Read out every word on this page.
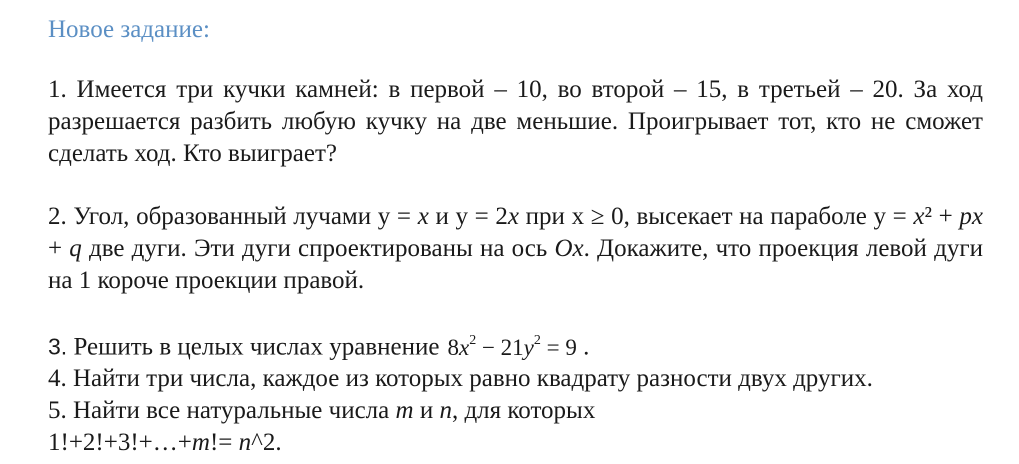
Новое задание:
1. Имеется три кучки камней: в первой – 10, во второй – 15, в третьей – 20. За ход разрешается разбить любую кучку на две меньшие. Проигрывает тот, кто не сможет сделать ход. Кто выиграет?
2. Угол, образованный лучами y = x и y = 2x при x ≥ 0, высекает на параболе y = x² + px + q две дуги. Эти дуги спроектированы на ось Ox. Докажите, что проекция левой дуги на 1 короче проекции правой.
3. Решить в целых числах уравнение $8x^2 - 21y^2 = 9$ .
4. Найти три числа, каждое из которых равно квадрату разности двух других.
5. Найти все натуральные числа m и n, для которых
1!+2!+3!+…+m!= n^2.
